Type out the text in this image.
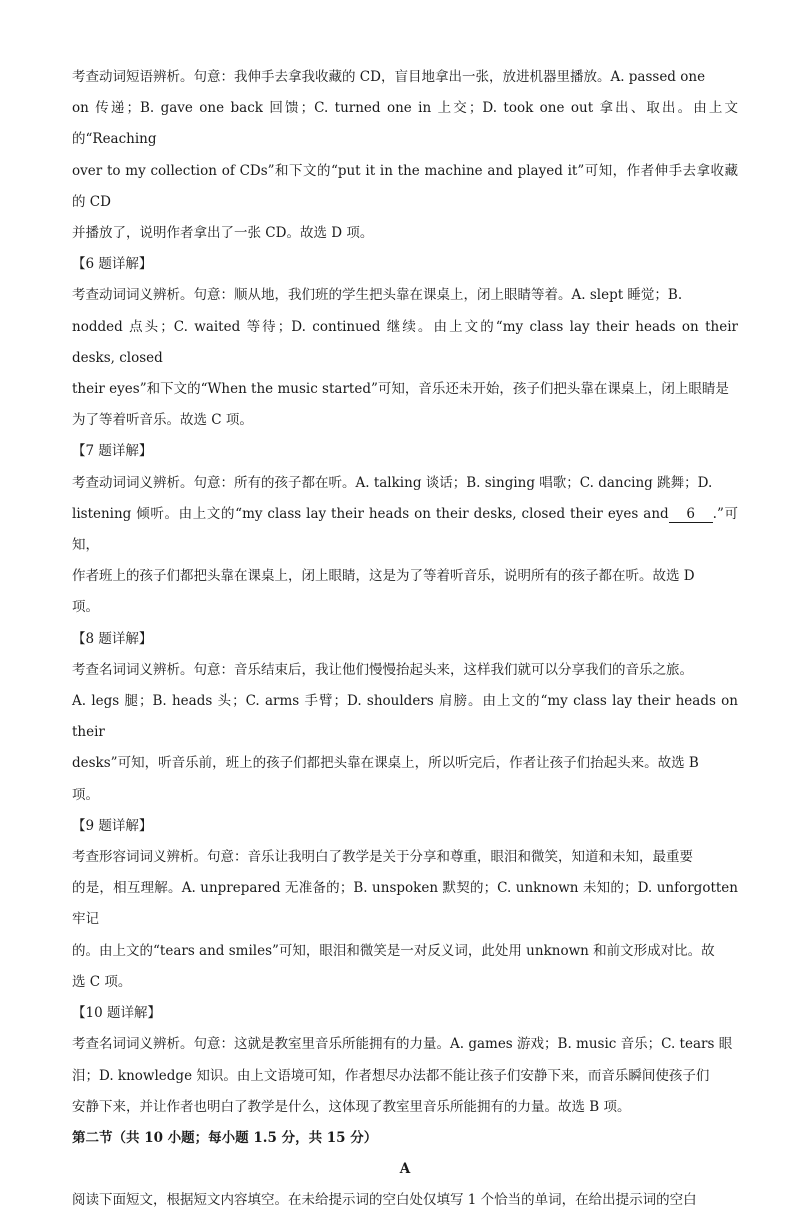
考查动词短语辨析。句意：我伸手去拿我收藏的 CD，盲目地拿出一张，放进机器里播放。A. passed one

on 传递；B. gave one back 回馈；C. turned one in 上交；D. took one out 拿出、取出。由上文的“Reaching

over to my collection of CDs”和下文的“put it in the machine and played it”可知，作者伸手去拿收藏的 CD

并播放了，说明作者拿出了一张 CD。故选 D 项。

【6 题详解】

考查动词词义辨析。句意：顺从地，我们班的学生把头靠在课桌上，闭上眼睛等着。A. slept 睡觉；B.

nodded 点头；C. waited 等待；D. continued 继续。由上文的“my class lay their heads on their desks, closed

their eyes”和下文的“When the music started”可知，音乐还未开始，孩子们把头靠在课桌上，闭上眼睛是

为了等着听音乐。故选 C 项。

【7 题详解】

考查动词词义辨析。句意：所有的孩子都在听。A. talking 谈话；B. singing 唱歌；C. dancing 跳舞；D.

listening 倾听。由上文的“my class lay their heads on their desks, closed their eyes and 6 .”可知，

作者班上的孩子们都把头靠在课桌上，闭上眼睛，这是为了等着听音乐，说明所有的孩子都在听。故选 D

项。

【8 题详解】

考查名词词义辨析。句意：音乐结束后，我让他们慢慢抬起头来，这样我们就可以分享我们的音乐之旅。

A. legs 腿；B. heads 头；C. arms 手臂；D. shoulders 肩膀。由上文的“my class lay their heads on their

desks”可知，听音乐前，班上的孩子们都把头靠在课桌上，所以听完后，作者让孩子们抬起头来。故选 B

项。

【9 题详解】

考查形容词词义辨析。句意：音乐让我明白了教学是关于分享和尊重，眼泪和微笑，知道和未知，最重要

的是，相互理解。A. unprepared 无准备的；B. unspoken 默契的；C. unknown 未知的；D. unforgotten 牢记

的。由上文的“tears and smiles”可知，眼泪和微笑是一对反义词，此处用 unknown 和前文形成对比。故

选 C 项。

【10 题详解】

考查名词词义辨析。句意：这就是教室里音乐所能拥有的力量。A. games 游戏；B. music 音乐；C. tears 眼

泪；D. knowledge 知识。由上文语境可知，作者想尽办法都不能让孩子们安静下来，而音乐瞬间使孩子们

安静下来，并让作者也明白了教学是什么，这体现了教室里音乐所能拥有的力量。故选 B 项。

第二节（共 10 小题；每小题 1.5 分，共 15 分）

A

阅读下面短文，根据短文内容填空。在未给提示词的空白处仅填写 1 个恰当的单词，在给出提示词的空白
